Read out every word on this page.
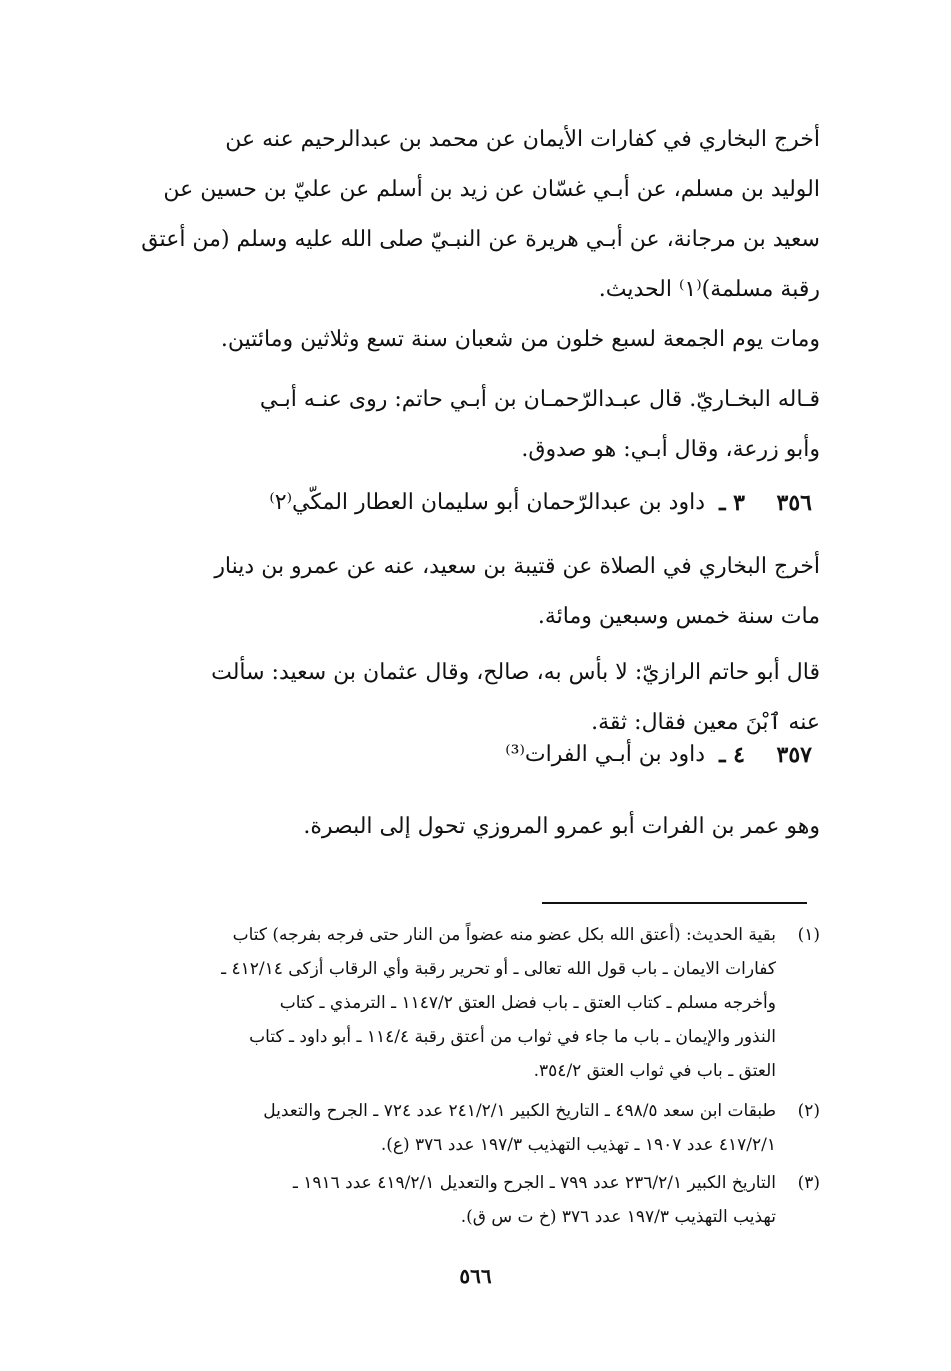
أخرج البخاري في كفارات الأيمان عن محمد بن عبدالرحيم عنه عن
الوليد بن مسلم، عن أبـي غسّان عن زيد بن أسلم عن عليّ بن حسين عن
سعيد بن مرجانة، عن أبـي هريرة عن النبـيّ صلى الله عليه وسلم (من أعتق
رقبة مسلمة)⁽١⁾ الحديث.

ومات يوم الجمعة لسبع خلون من شعبان سنة تسع وثلاثين ومائتين.

قـاله البخـاريّ. قال عبـدالرّحمـان بن أبـي حاتم: روى عنـه أبـي
وأبو زرعة، وقال أبـي: هو صدوق.

٣٥٦
٣ ـ
داود بن عبدالرّحمان أبو سليمان العطار المكّي⁽٢⁾

أخرج البخاري في الصلاة عن قتيبة بن سعيد، عنه عن عمرو بن دينار
مات سنة خمس وسبعين ومائة.

قال أبو حاتم الرازيّ: لا بأس به، صالح، وقال عثمان بن سعيد: سألت
عنه ٱبْنَ معين فقال: ثقة.

٣٥٧
٤ ـ
داود بن أبـي الفرات⁽³⁾

وهو عمر بن الفرات أبو عمرو المروزي تحول إلى البصرة.

(١)
بقية الحديث: (أعتق الله بكل عضو منه عضواً من النار حتى فرجه بفرجه) كتاب
كفارات الايمان ـ باب قول الله تعالى ـ أو تحرير رقبة وأي الرقاب أزكى ٤١٢/١٤ ـ
وأخرجه مسلم ـ كتاب العتق ـ باب فضل العتق ١١٤٧/٢ ـ الترمذي ـ كتاب
النذور والإيمان ـ باب ما جاء في ثواب من أعتق رقبة ١١٤/٤ ـ أبو داود ـ كتاب
العتق ـ باب في ثواب العتق ٣٥٤/٢.
(٢)
طبقات ابن سعد ٤٩٨/٥ ـ التاريخ الكبير ٢٤١/٢/١ عدد ٧٢٤ ـ الجرح والتعديل
٤١٧/٢/١ عدد ١٩٠٧ ـ تهذيب التهذيب ١٩٧/٣ عدد ٣٧٦ (ع).
(٣)
التاريخ الكبير ٢٣٦/٢/١ عدد ٧٩٩ ـ الجرح والتعديل ٤١٩/٢/١ عدد ١٩١٦ ـ
تهذيب التهذيب ١٩٧/٣ عدد ٣٧٦ (خ ت س ق).
٥٦٦
